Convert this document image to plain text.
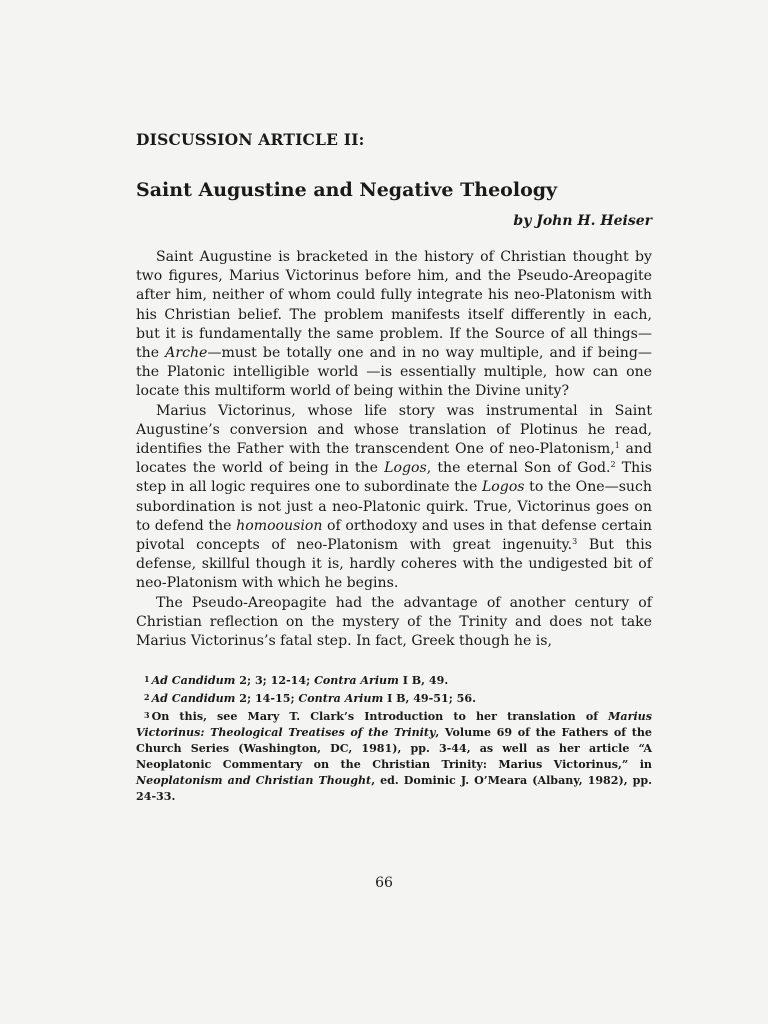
DISCUSSION ARTICLE II:
Saint Augustine and Negative Theology
by John H. Heiser

Saint Augustine is bracketed in the history of Christian thought by two figures, Marius Victorinus before him, and the Pseudo-Areopagite after him, neither of whom could fully integrate his neo-Platonism with his Christian belief. The problem manifests itself differently in each, but it is fundamentally the same problem. If the Source of all things—the Arche—must be totally one and in no way multiple, and if being—the Platonic intelligible world —is essentially multiple, how can one locate this multiform world of being within the Divine unity?

Marius Victorinus, whose life story was instrumental in Saint Augustine’s conversion and whose translation of Plotinus he read, identifies the Father with the transcendent One of neo-Platonism,$^1$ and locates the world of being in the Logos, the eternal Son of God.$^2$ This step in all logic requires one to subordinate the Logos to the One—such subordination is not just a neo-Platonic quirk. True, Victorinus goes on to defend the homoousion of orthodoxy and uses in that defense certain pivotal concepts of neo-Platonism with great ingenuity.$^3$ But this defense, skillful though it is, hardly coheres with the undigested bit of neo-Platonism with which he begins.

The Pseudo-Areopagite had the advantage of another century of Christian reflection on the mystery of the Trinity and does not take Marius Victorinus’s fatal step. In fact, Greek though he is,

1 Ad Candidum 2; 3; 12-14; Contra Arium I B, 49.

2 Ad Candidum 2; 14-15; Contra Arium I B, 49-51; 56.

3 On this, see Mary T. Clark’s Introduction to her translation of Marius Victorinus: Theological Treatises of the Trinity, Volume 69 of the Fathers of the Church Series (Washington, DC, 1981), pp. 3-44, as well as her article “A Neoplatonic Commentary on the Christian Trinity: Marius Victorinus,” in Neoplatonism and Christian Thought, ed. Dominic J. O’Meara (Albany, 1982), pp. 24-33.

66
